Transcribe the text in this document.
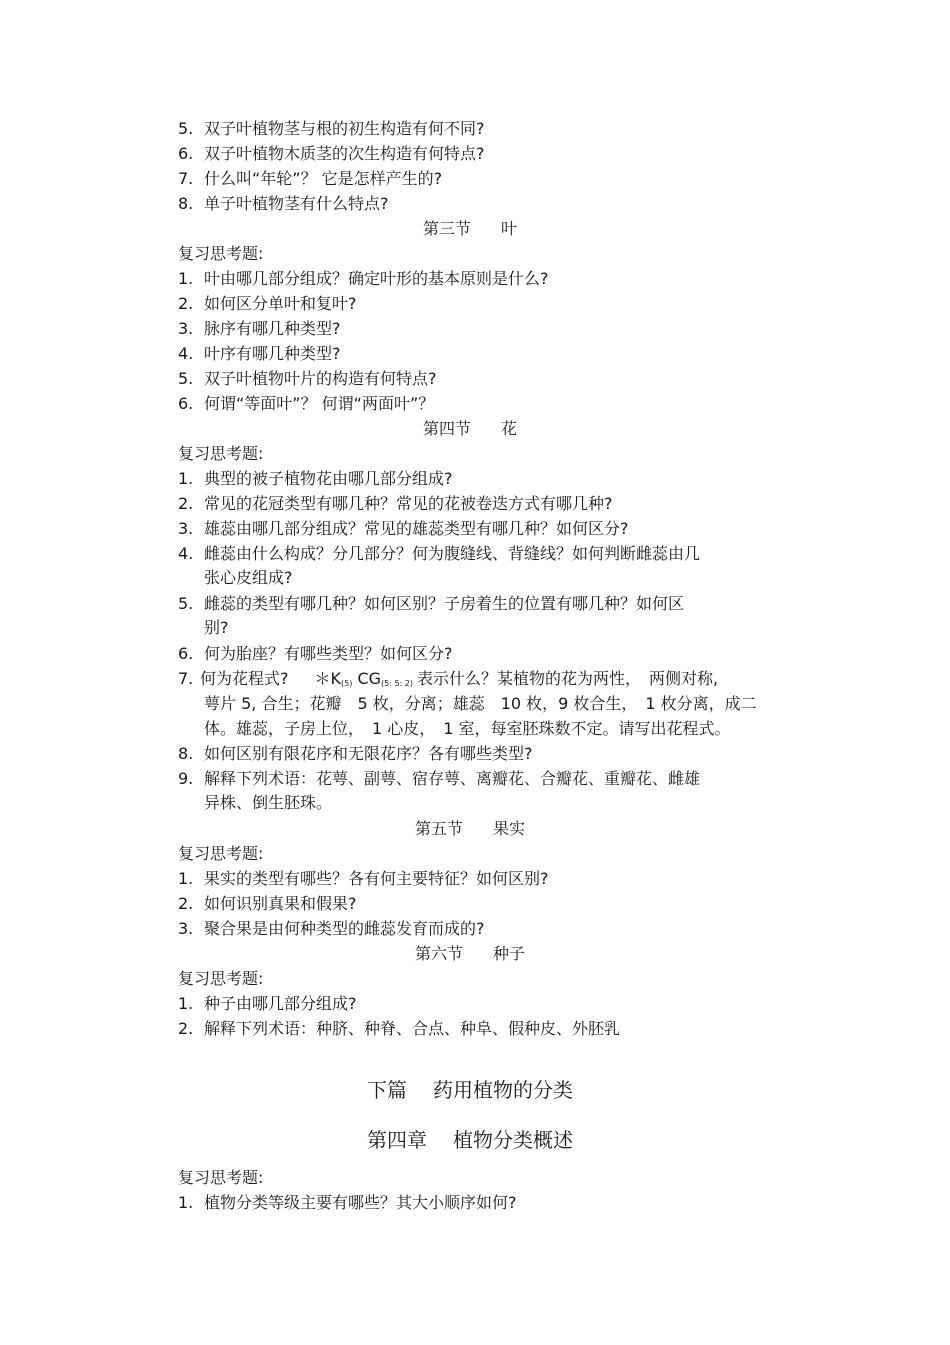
5. 双子叶植物茎与根的初生构造有何不同?
6. 双子叶植物木质茎的次生构造有何特点?
7. 什么叫“年轮”？ 它是怎样产生的?
8. 单子叶植物茎有什么特点?
第三节 叶
复习思考题:
1. 叶由哪几部分组成？确定叶形的基本原则是什么?
2. 如何区分单叶和复叶?
3. 脉序有哪几种类型?
4. 叶序有哪几种类型?
5. 双子叶植物叶片的构造有何特点?
6. 何谓“等面叶”？ 何谓“两面叶”？
第四节 花
复习思考题:
1. 典型的被子植物花由哪几部分组成?
2. 常见的花冠类型有哪几种？常见的花被卷迭方式有哪几种?
3. 雄蕊由哪几部分组成？常见的雄蕊类型有哪几种？如何区分?
4. 雌蕊由什么构成？分几部分？何为腹缝线、背缝线？如何判断雌蕊由几
张心皮组成?
5. 雌蕊的类型有哪几种？如何区别？子房着生的位置有哪几种？如何区
别?
6. 何为胎座？有哪些类型？如何区分?
7. 何为花程式? $*K_{(5)}$ $CG_{(5: 5: 2)}$ 表示什么？某植物的花为两性，　两侧对称,
萼片 5, 合生；花瓣　5 枚，分离；雄蕊　10 枚，9 枚合生，　1 枚分离，成二
体。雄蕊，子房上位，　1 心皮，　1 室，每室胚珠数不定。请写出花程式。
8. 如何区别有限花序和无限花序？各有哪些类型?
9. 解释下列术语：花萼、副萼、宿存萼、离瓣花、合瓣花、重瓣花、雌雄
异株、倒生胚珠。
第五节 果实
复习思考题:
1. 果实的类型有哪些？各有何主要特征？如何区别?
2. 如何识别真果和假果?
3. 聚合果是由何种类型的雌蕊发育而成的?
第六节 种子
复习思考题:
1. 种子由哪几部分组成?
2. 解释下列术语：种脐、种脊、合点、种阜、假种皮、外胚乳
下篇 药用植物的分类
第四章 植物分类概述
复习思考题:
1. 植物分类等级主要有哪些？其大小顺序如何?
